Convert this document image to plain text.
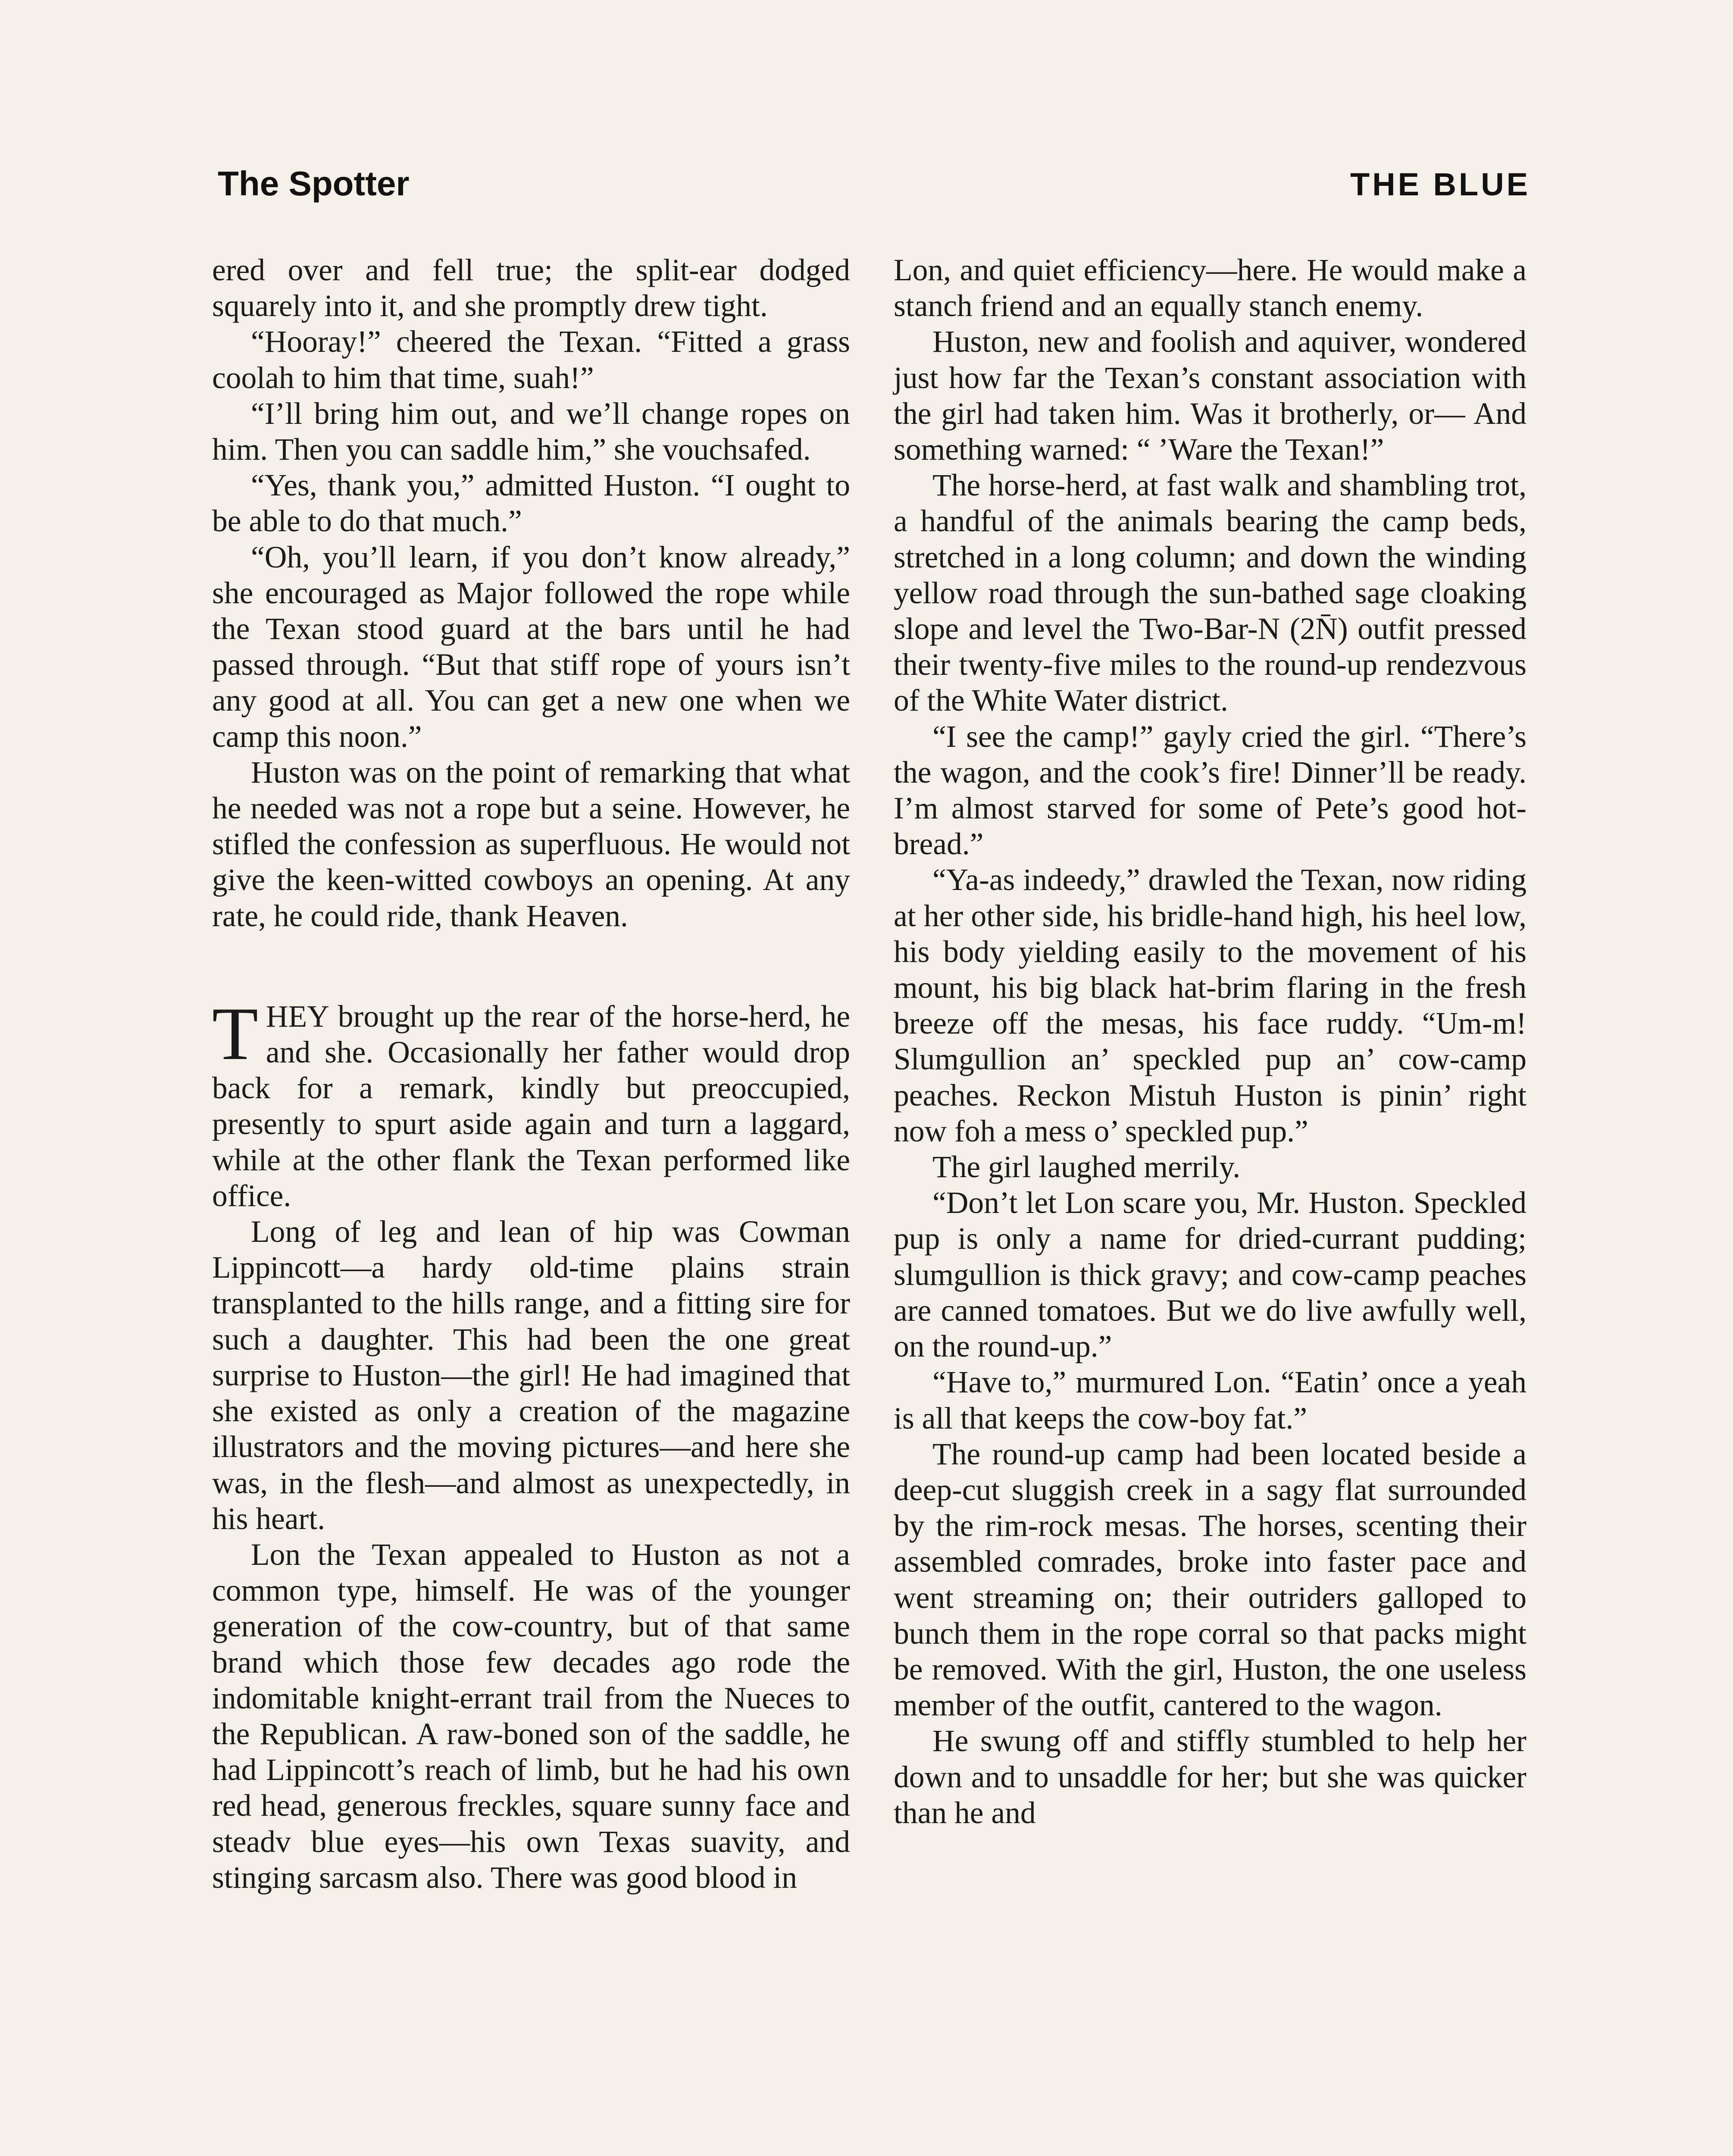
The Spotter	THE BLUE

ered over and fell true; the split-ear dodged squarely into it, and she promptly drew tight.

“Hooray!” cheered the Texan. “Fitted a grass coolah to him that time, suah!”

“I’ll bring him out, and we’ll change ropes on him. Then you can saddle him,” she vouchsafed.

“Yes, thank you,” admitted Huston. “I ought to be able to do that much.”

“Oh, you’ll learn, if you don’t know already,” she encouraged as Major followed the rope while the Texan stood guard at the bars until he had passed through. “But that stiff rope of yours isn’t any good at all. You can get a new one when we camp this noon.”

Huston was on the point of remarking that what he needed was not a rope but a seine. However, he stifled the confession as superfluous. He would not give the keen-witted cowboys an opening. At any rate, he could ride, thank Heaven.

THEY brought up the rear of the horse-herd, he and she. Occasionally her father would drop back for a remark, kindly but preoccupied, presently to spurt aside again and turn a laggard, while at the other flank the Texan performed like office.

Long of leg and lean of hip was Cowman Lippincott—a hardy old-time plains strain transplanted to the hills range, and a fitting sire for such a daughter. This had been the one great surprise to Huston—the girl! He had imagined that she existed as only a creation of the magazine illustrators and the moving pictures—and here she was, in the flesh—and almost as unexpectedly, in his heart.

Lon the Texan appealed to Huston as not a common type, himself. He was of the younger generation of the cow-country, but of that same brand which those few decades ago rode the indomitable knight-errant trail from the Nueces to the Republican. A raw-boned son of the saddle, he had Lippincott’s reach of limb, but he had his own red head, generous freckles, square sunny face and steadv blue eyes—his own Texas suavity, and stinging sarcasm also. There was good blood in

Lon, and quiet efficiency—here. He would make a stanch friend and an equally stanch enemy.

Huston, new and foolish and aquiver, wondered just how far the Texan’s constant association with the girl had taken him. Was it brotherly, or— And something warned: “ ’Ware the Texan!”

The horse-herd, at fast walk and shambling trot, a handful of the animals bearing the camp beds, stretched in a long column; and down the winding yellow road through the sun-bathed sage cloaking slope and level the Two-Bar-N (2N̄) outfit pressed their twenty-five miles to the round-up rendezvous of the White Water district.

“I see the camp!” gayly cried the girl. “There’s the wagon, and the cook’s fire! Dinner’ll be ready. I’m almost starved for some of Pete’s good hot-bread.”

“Ya-as indeedy,” drawled the Texan, now riding at her other side, his bridle-hand high, his heel low, his body yielding easily to the movement of his mount, his big black hat-brim flaring in the fresh breeze off the mesas, his face ruddy. “Um-m! Slumgullion an’ speckled pup an’ cow-camp peaches. Reckon Mistuh Huston is pinin’ right now foh a mess o’ speckled pup.”

The girl laughed merrily.

“Don’t let Lon scare you, Mr. Huston. Speckled pup is only a name for dried-currant pudding; slumgullion is thick gravy; and cow-camp peaches are canned tomatoes. But we do live awfully well, on the round-up.”

“Have to,” murmured Lon. “Eatin’ once a yeah is all that keeps the cow-boy fat.”

The round-up camp had been located beside a deep-cut sluggish creek in a sagy flat surrounded by the rim-rock mesas. The horses, scenting their assembled comrades, broke into faster pace and went streaming on; their outriders galloped to bunch them in the rope corral so that packs might be removed. With the girl, Huston, the one useless member of the outfit, cantered to the wagon.

He swung off and stiffly stumbled to help her down and to unsaddle for her; but she was quicker than he and
